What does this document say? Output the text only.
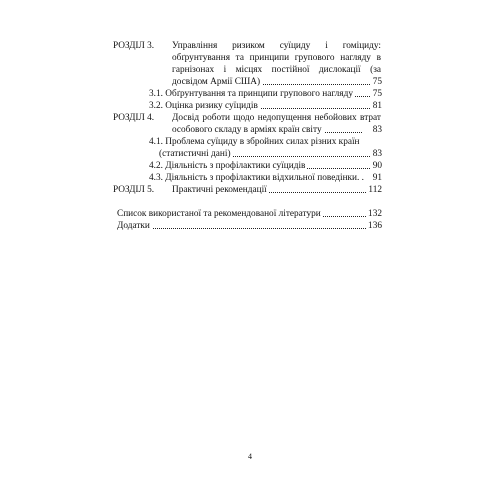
РОЗДІЛ 3. Управління ризиком суїциду і гоміциду:
обґрунтування та принципи групового нагляду в
гарнізонах і місцях постійної дислокації (за
досвідом Армії США)	75
3.1. Обґрунтування та принципи групового нагляду 75
3.2. Оцінка ризику суїцидів	81
РОЗДІЛ 4. Досвід роботи щодо недопущення небойових втрат
особового складу в арміях країн світу	83
4.1. Проблема суїциду в збройних силах різних країн
(статистичні дані)	83
4.2. Діяльність з профілактики суїцидів	90
4.3. Діяльність з профілактики відхильної поведінки. . 91
РОЗДІЛ 5. Практичні рекомендації	112
Список використаної та рекомендованої літератури	132
Додатки	136
4
